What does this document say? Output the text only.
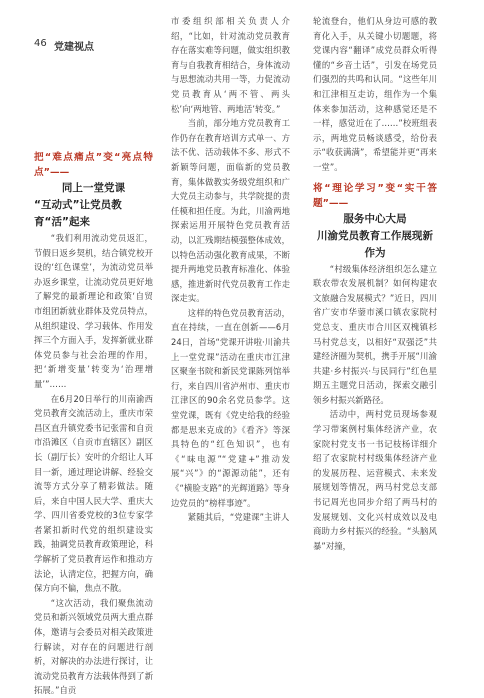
46 党建视点

把“难点痛点”变“亮点特点”——

同上一堂党课

“互动式”让党员教育“活”起来

“我们利用流动党员返汇，节假日返乡契机，结合镇党校开设的‘红色课堂’，为流动党员举办返乡课堂，让流动党员更好地了解党的最新理论和政策‘自贸市组团新就业群体及党员特点，从组织建设、学习载体、作用发挥三个方面入手，发挥新就业群体党员参与社会治理的作用，把‘新增变量’转变为‘治理增量’”……

在6月20日举行的川南渝西党员教育交流活动上，重庆市荣昌区直升镇党委书记张雷和自贡市沿滩区（自贡市直辖区）副区长（副厅长）安叶的介绍让人耳目一新，通过理论讲解、经验交流等方式分享了精彩做法。随后，来自中国人民大学、重庆大学、四川省委党校的3位专家学者紧扣新时代党的组织建设实践，抽调党员教育政策理论，科学解析了党员教育运作和推动方法论，认清定位，把握方向，确保方向不偏，焦点不散。

“这次活动，我们聚焦流动党员和新兴领域党员两大重点群体，邀请与会委员对相关政策进行解读，对存在的问题进行剖析，对解决的办法进行探讨，让流动党员教育方法载体得到了新拓展。”自贡

市委组织部相关负责人介绍，“比如，针对流动党员教育存在落实难等问题，做实组织教育与自我教育相结合，身体流动与思想流动共用一等，力促流动党员教育从‘两不管、两头松’向‘两地管、两地活’转变。”

当前，部分地方党员教育工作仍存在教育培训方式单一、方法不优、活动载体不多、形式不新颖等问题，面临新的党员教育，集体做教实务级党组织和广大党员主动参与，共学院提的责任模和担任度。为此，川渝两地探索运用开展特色党员教育活动，以汇残期结模强整体成效，以特色活动强化教育成果，不断提升两地党员教育标准化、体验感，推进新时代党员教育工作走深走实。

这样的特色党员教育活动，直在持续，一直在创新——6月24日，首场“党课开讲啦·川渝共上一堂党课”活动在重庆市江津区聚奎书院和新民党课陈列馆举行，来自四川省泸州市、重庆市江津区的90余名党员参学。这堂党课，既有《党史给我的经验都是思来克成的》《看齐》等深具特色的“红色知识”，也有《“味电源”“党建+”推动发展“兴”》的“源源动能”，还有《“横脸支路”的光辉道路》等身边党员的“榜样事迹”。

紧随其后，“党建课”主讲人

轮流登台，他们从身边可感的教育化入手，从关键小切题题，将党课内容“翻译”成党员群众听得懂的“乡音土话”，引发在场党员们强烈的共鸣和认同。“这些年川和江津相互走访，组作为一个集体来参加活动，这种感觉还是不一样，感觉近在了……”校班组表示，两地党员畅谈感受，给份表示“收获满满”，希望能并更“再来一堂”。

将“理论学习”变“实干答题”——

服务中心大局

川渝党员教育工作展现新作为

“村级集体经济组织怎么建立联农带农发展机制？如何构建农文旅融合发展模式？”近日，四川省广安市华蓥市溪口镇农家院村党总支、重庆市合川区双槐镇杉马村党总支，以相好“双强泛”共建经济圈为契机，携手开展“川渝共建·乡村振兴·与民同行”红色星期五主题党日活动，探索交融引领乡村振兴新路径。

活动中，两村党员现场参观学习带案例村集体经济产业，农家院村党支书一书记枝杨详细介绍了农家院村村级集体经济产业的发展历程、运营模式、未来发展规划等情况，两马村党总支部书记周光也同步介绍了两马村的发展规划、文化兴村成效以及电商助力乡村振兴的经验。“头脑风暴”对撞，
